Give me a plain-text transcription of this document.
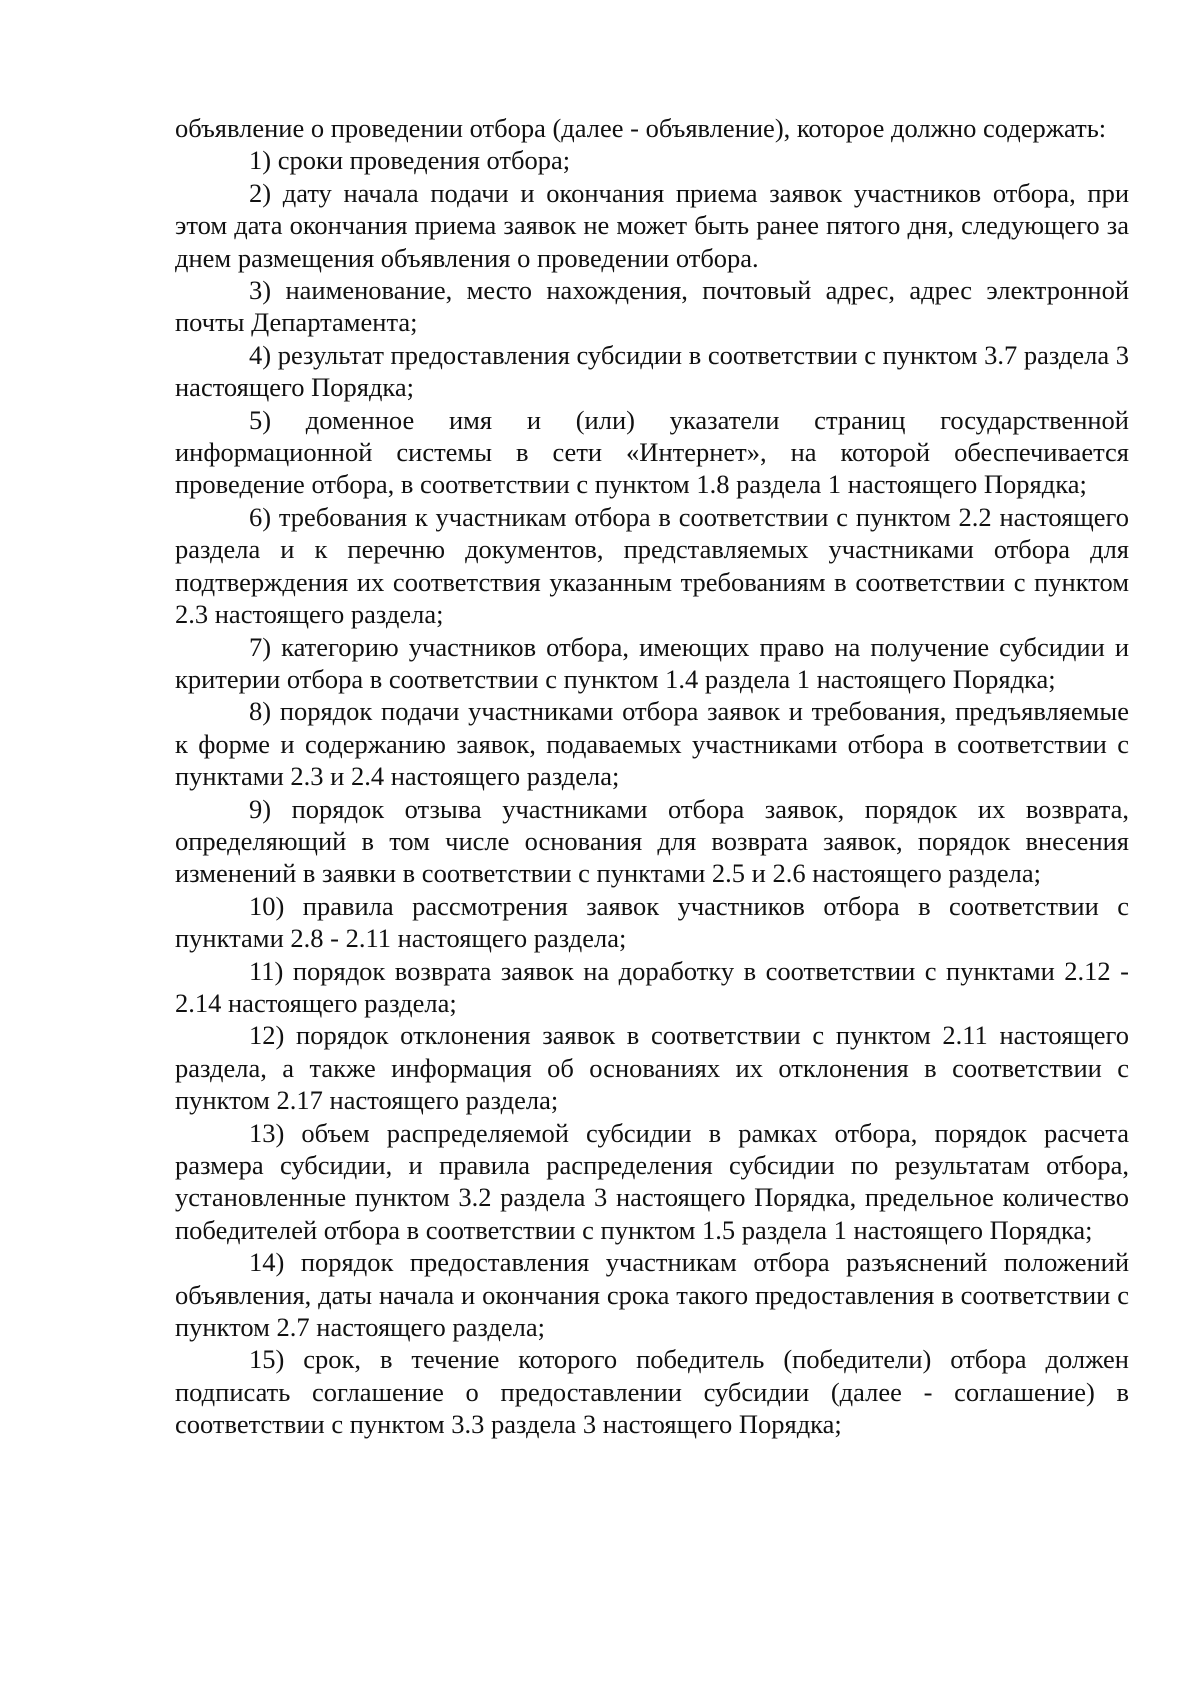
объявление о проведении отбора (далее - объявление), которое должно содержать:

1) сроки проведения отбора;

2) дату начала подачи и окончания приема заявок участников отбора, при этом дата окончания приема заявок не может быть ранее пятого дня, следующего за днем размещения объявления о проведении отбора.

3) наименование, место нахождения, почтовый адрес, адрес электронной почты Департамента;

4) результат предоставления субсидии в соответствии с пунктом 3.7 раздела 3 настоящего Порядка;

5) доменное имя и (или) указатели страниц государственной информационной системы в сети «Интернет», на которой обеспечивается проведение отбора, в соответствии с пунктом 1.8 раздела 1 настоящего Порядка;

6) требования к участникам отбора в соответствии с пунктом 2.2 настоящего раздела и к перечню документов, представляемых участниками отбора для подтверждения их соответствия указанным требованиям в соответствии с пунктом 2.3 настоящего раздела;

7) категорию участников отбора, имеющих право на получение субсидии и критерии отбора в соответствии с пунктом 1.4 раздела 1 настоящего Порядка;

8) порядок подачи участниками отбора заявок и требования, предъявляемые к форме и содержанию заявок, подаваемых участниками отбора в соответствии с пунктами 2.3 и 2.4 настоящего раздела;

9) порядок отзыва участниками отбора заявок, порядок их возврата, определяющий в том числе основания для возврата заявок, порядок внесения изменений в заявки в соответствии с пунктами 2.5 и 2.6 настоящего раздела;

10) правила рассмотрения заявок участников отбора в соответствии с пунктами 2.8 - 2.11 настоящего раздела;

11) порядок возврата заявок на доработку в соответствии с пунктами 2.12 - 2.14 настоящего раздела;

12) порядок отклонения заявок в соответствии с пунктом 2.11 настоящего раздела, а также информация об основаниях их отклонения в соответствии с пунктом 2.17 настоящего раздела;

13) объем распределяемой субсидии в рамках отбора, порядок расчета размера субсидии, и правила распределения субсидии по результатам отбора, установленные пунктом 3.2 раздела 3 настоящего Порядка, предельное количество победителей отбора в соответствии с пунктом 1.5 раздела 1 настоящего Порядка;

14) порядок предоставления участникам отбора разъяснений положений объявления, даты начала и окончания срока такого предоставления в соответствии с пунктом 2.7 настоящего раздела;

15) срок, в течение которого победитель (победители) отбора должен подписать соглашение о предоставлении субсидии (далее - соглашение) в соответствии с пунктом 3.3 раздела 3 настоящего Порядка;
